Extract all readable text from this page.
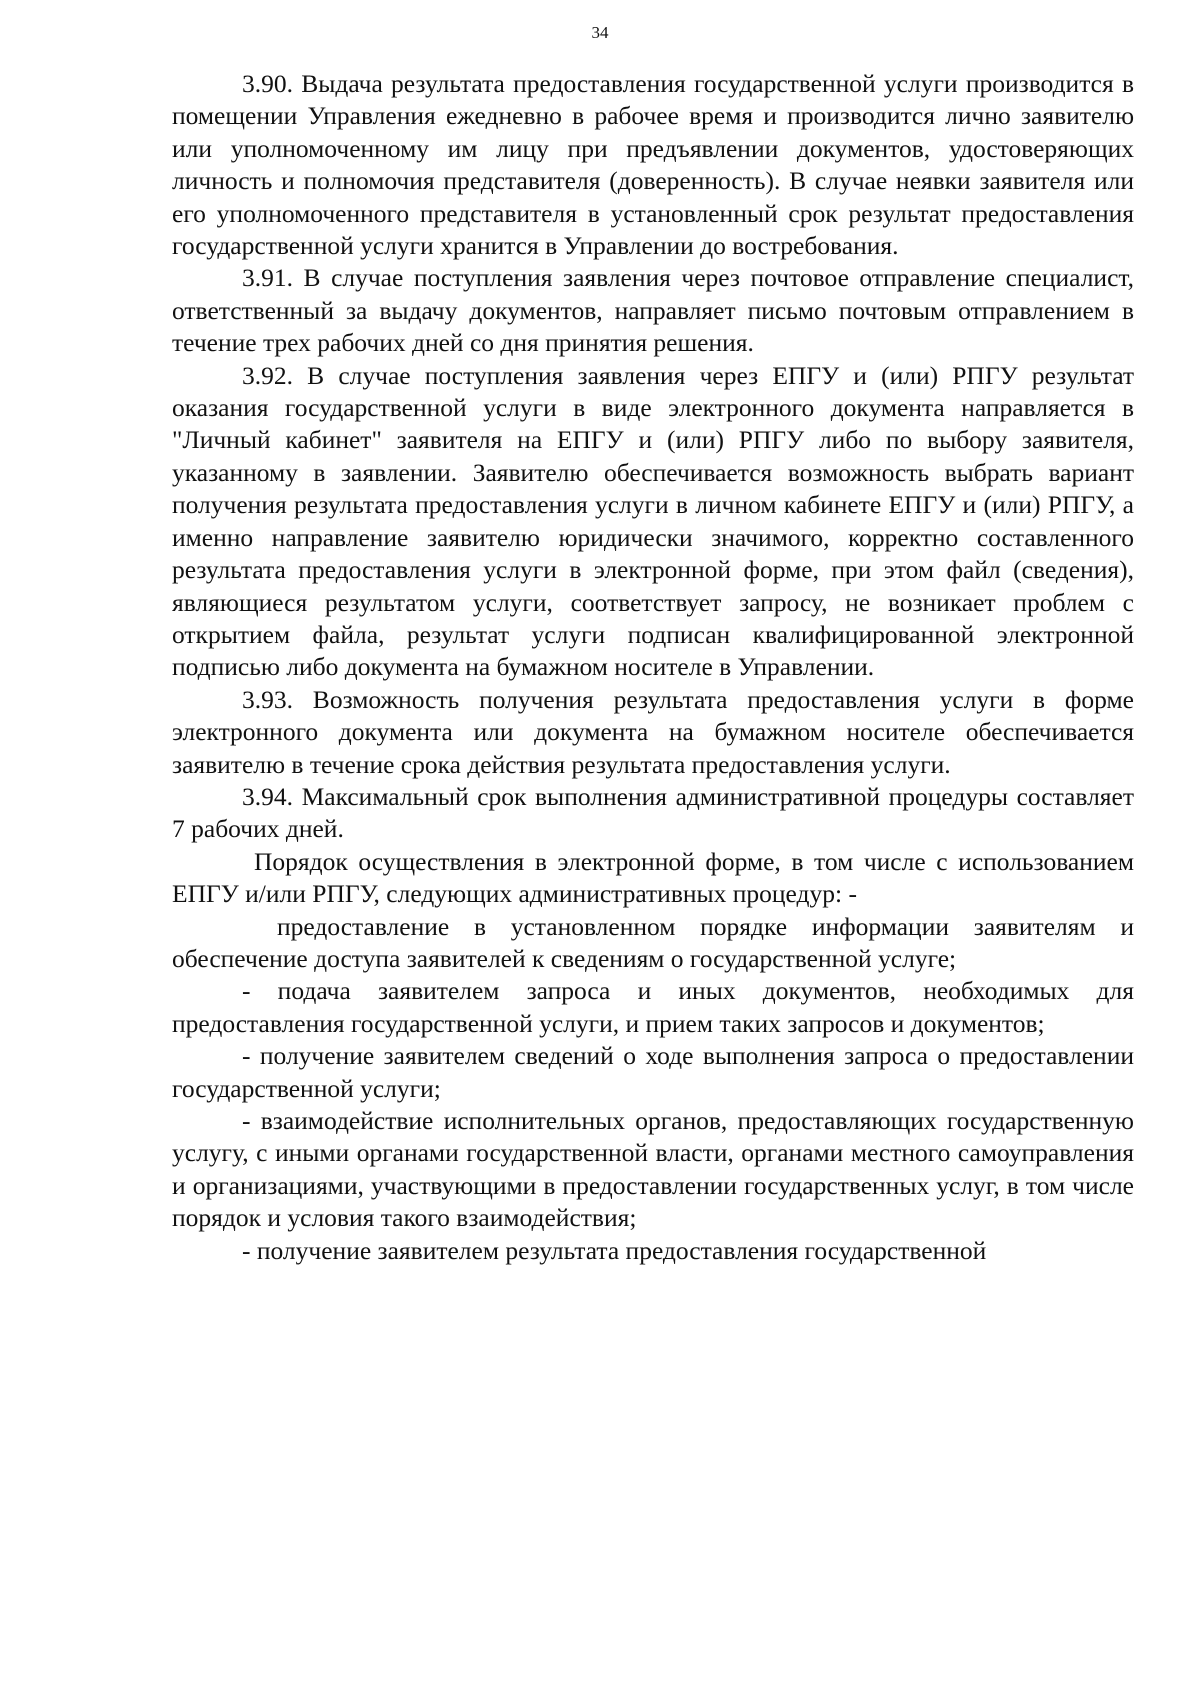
34

3.90. Выдача результата предоставления государственной услуги производится в помещении Управления ежедневно в рабочее время и производится лично заявителю или уполномоченному им лицу при предъявлении документов, удостоверяющих личность и полномочия представителя (доверенность). В случае неявки заявителя или его уполномоченного представителя в установленный срок результат предоставления государственной услуги хранится в Управлении до востребования.

3.91. В случае поступления заявления через почтовое отправление специалист, ответственный за выдачу документов, направляет письмо почтовым отправлением в течение трех рабочих дней со дня принятия решения.

3.92. В случае поступления заявления через ЕПГУ и (или) РПГУ результат оказания государственной услуги в виде электронного документа направляется в "Личный кабинет" заявителя на ЕПГУ и (или) РПГУ либо по выбору заявителя, указанному в заявлении. Заявителю обеспечивается возможность выбрать вариант получения результата предоставления услуги в личном кабинете ЕПГУ и (или) РПГУ, а именно направление заявителю юридически значимого, корректно составленного результата предоставления услуги в электронной форме, при этом файл (сведения), являющиеся результатом услуги, соответствует запросу, не возникает проблем с открытием файла, результат услуги подписан квалифицированной электронной подписью либо документа на бумажном носителе в Управлении.

3.93. Возможность получения результата предоставления услуги в форме электронного документа или документа на бумажном носителе обеспечивается заявителю в течение срока действия результата предоставления услуги.

3.94. Максимальный срок выполнения административной процедуры составляет 7 рабочих дней.

Порядок осуществления в электронной форме, в том числе с использованием ЕПГУ и/или РПГУ, следующих административных процедур: -

предоставление в установленном порядке информации заявителям и обеспечение доступа заявителей к сведениям о государственной услуге;

- подача заявителем запроса и иных документов, необходимых для предоставления государственной услуги, и прием таких запросов и документов;

- получение заявителем сведений о ходе выполнения запроса о предоставлении государственной услуги;

- взаимодействие исполнительных органов, предоставляющих государственную услугу, с иными органами государственной власти, органами местного самоуправления и организациями, участвующими в предоставлении государственных услуг, в том числе порядок и условия такого взаимодействия;

- получение заявителем результата предоставления государственной
